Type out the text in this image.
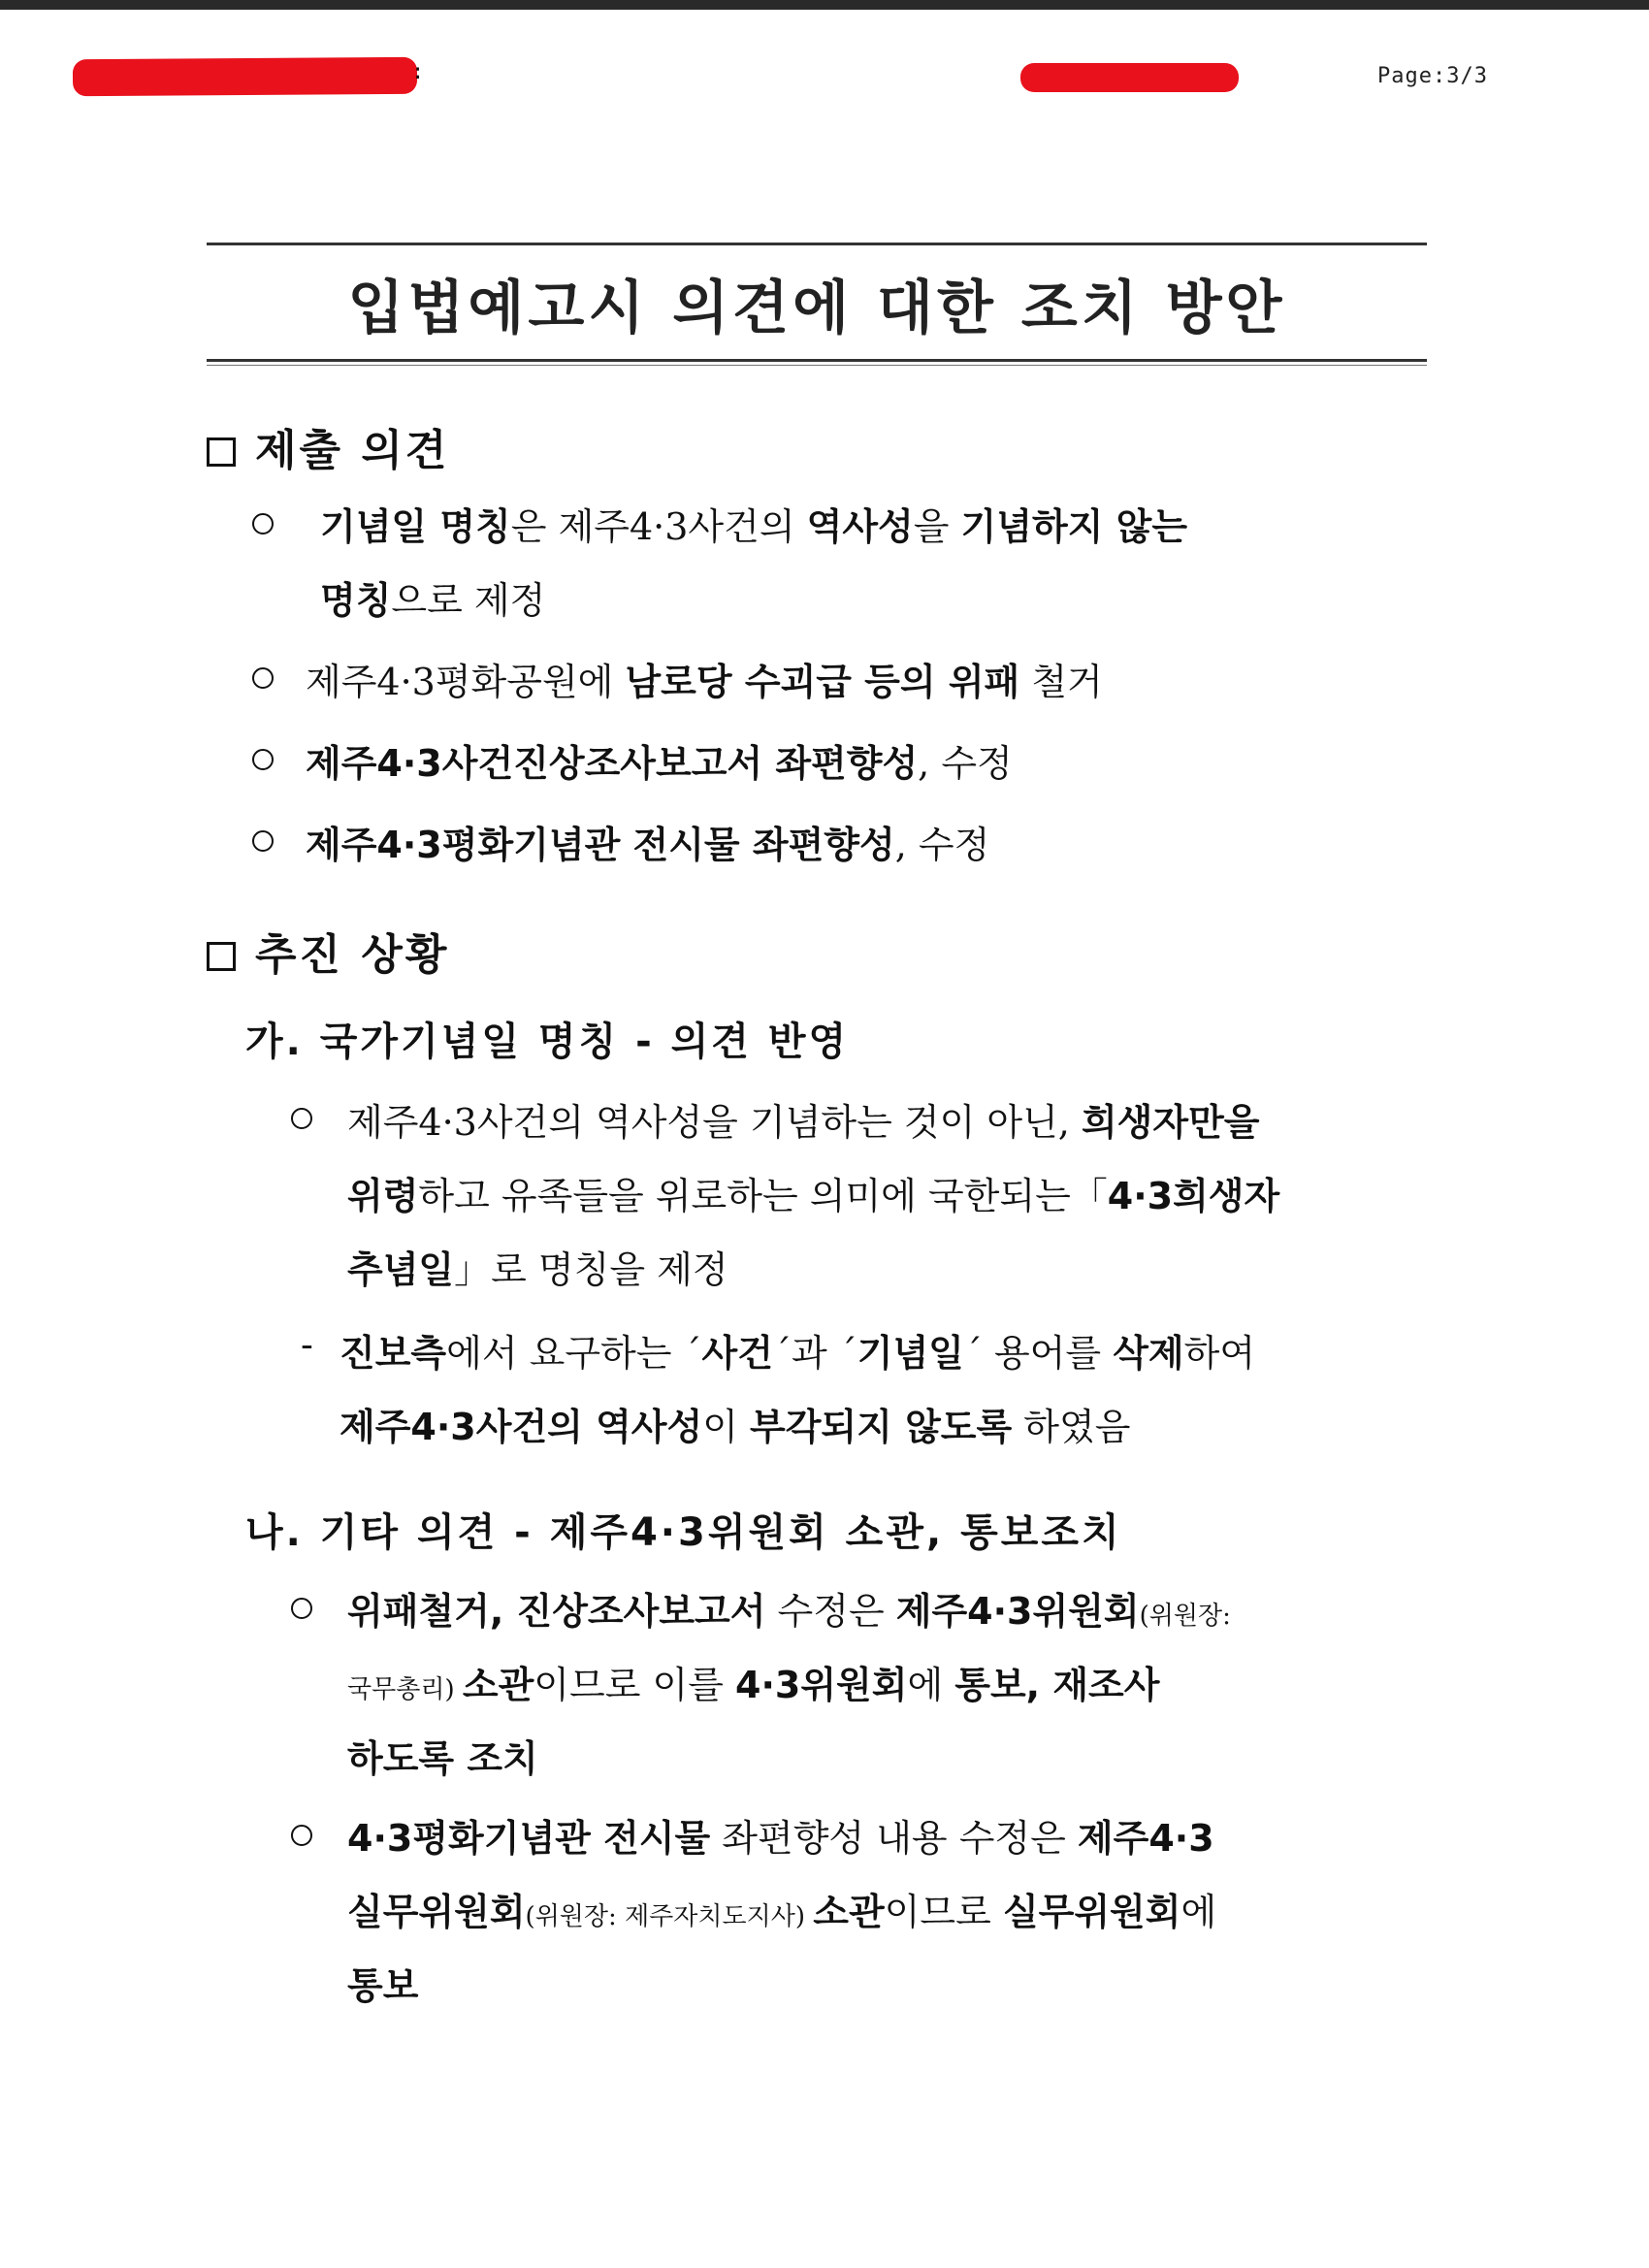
:	Page:3/3
입법예고시 의견에 대한 조치 방안
제출 의견
기념일 명칭은 제주4·3사건의 역사성을 기념하지 않는
명칭으로 제정
제주4·3평화공원에 남로당 수괴급 등의 위패 철거
제주4·3사건진상조사보고서 좌편향성, 수정
제주4·3평화기념관 전시물 좌편향성, 수정
추진 상황
가. 국가기념일 명칭 - 의견 반영
제주4·3사건의 역사성을 기념하는 것이 아닌, 희생자만을
위령하고 유족들을 위로하는 의미에 국한되는「4·3희생자
추념일」로 명칭을 제정
- 진보측에서 요구하는 ´사건´과 ´기념일´ 용어를 삭제하여
제주4·3사건의 역사성이 부각되지 않도록 하였음
나. 기타 의견 - 제주4·3위원회 소관, 통보조치
위패철거, 진상조사보고서 수정은 제주4·3위원회(위원장:
국무총리) 소관이므로 이를 4·3위원회에 통보, 재조사
하도록 조치
4·3평화기념관 전시물 좌편향성 내용 수정은 제주4·3
실무위원회(위원장: 제주자치도지사) 소관이므로 실무위원회에
통보
